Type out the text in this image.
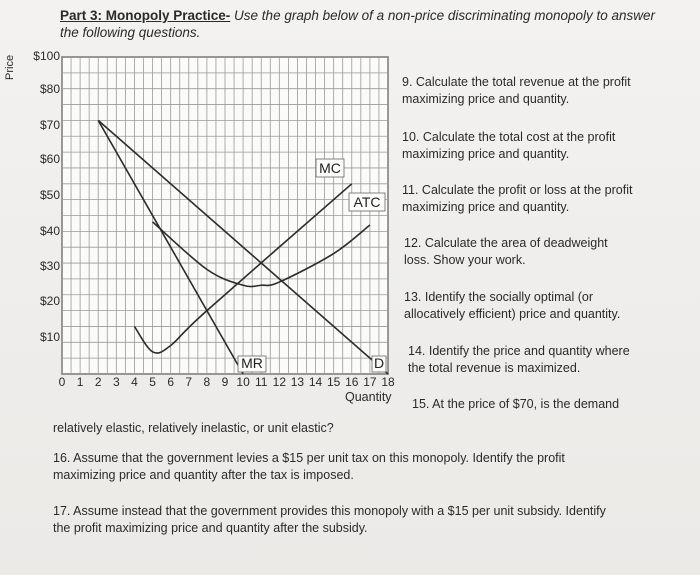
Part 3: Monopoly Practice- Use the graph below of a non-price discriminating monopoly to answer
the following questions.
Price	$100
$80
$70
$60
$50
$40
$30
$20
$10
0 1 2 3 4 5 6 7 8 9 10 11 12 13 14 15 16 17 18
Quantity
MC
ATC
MR	D
9. Calculate the total revenue at the profit
maximizing price and quantity.
10. Calculate the total cost at the profit
maximizing price and quantity.
11. Calculate the profit or loss at the profit
maximizing price and quantity.
12. Calculate the area of deadweight
loss. Show your work.
13. Identify the socially optimal (or
allocatively efficient) price and quantity.
14. Identify the price and quantity where
the total revenue is maximized.
15. At the price of $70, is the demand
relatively elastic, relatively inelastic, or unit elastic?
16. Assume that the government levies a $15 per unit tax on this monopoly. Identify the profit
maximizing price and quantity after the tax is imposed.
17. Assume instead that the government provides this monopoly with a $15 per unit subsidy. Identify
the profit maximizing price and quantity after the subsidy.
